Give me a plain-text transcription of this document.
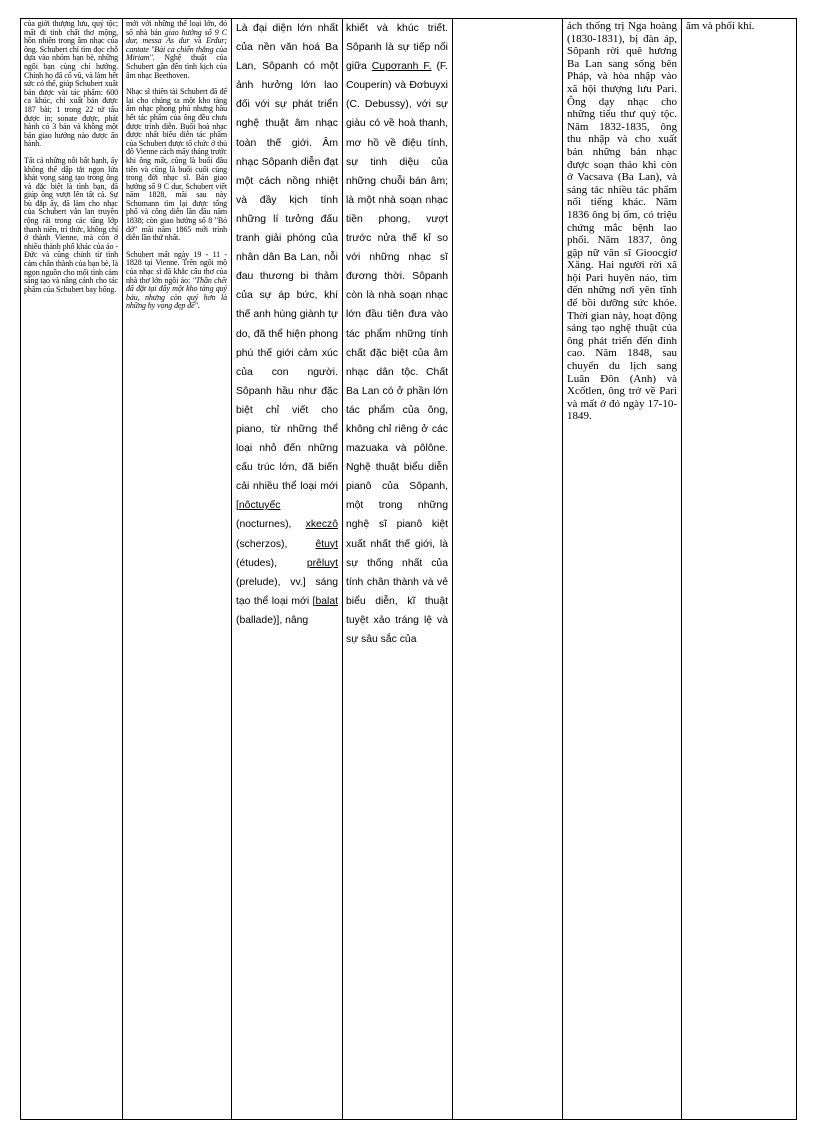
của giới thượng lưu, quý tộc; mất đi tinh chất thơ mộng, hồn nhiên trong âm nhạc của ông. Schubert chỉ tìm đọc chỗ dựa vào nhóm bạn bè, những ngôi bạn cùng chí hướng. Chính họ đã cổ vũ, và làm hết sức có thể, giúp Schubert xuất bản được vài tác phẩm: 600 ca khúc, chỉ xuất bản được 187 bài; 1 trong 22 tứ tấu được in; sonate được, phát hành có 3 bản và không một bản giao hưởng nào được ấn hành.

Tất cả những nỗi bất hạnh, ấy không thể dập tắt ngọn lửa khát vọng sáng tạo trong ông và đặc biệt là tình bạn, đã giúp ông vượt lên tất cả. Sự bù đắp ấy, đã làm cho nhạc của Schubert vẫn lan truyền rộng rãi trong các tầng lớp thanh niên, trí thức, không chỉ ở thành Vienne, mà còn ở nhiều thành phố khác của áo - Đức và cũng chính từ tình cảm chân thành của bạn bè, là ngọn nguồn cho mối tình cảm sáng tạo và nâng cánh cho tác phẩm của Schubert bay bổng.

mới với những thể loại lớn, đó số nhà bản giao hưởng số 9 C dur, messa As dur và Erdur; cantate "Bài ca chiến thắng của Miriam". Nghệ thuật của Schubert gần đến tình kịch của âm nhạc Beethoven.

Nhạc sĩ thiên tài Schubert đã để lại cho chúng ta một kho tàng âm nhạc phong phú nhưng hầu hết tác phẩm của ông đều chưa được trình diễn. Buổi hoà nhạc được nhất biểu diễn tác phẩm của Schubert được tổ chức ở thủ đô Vienne cách mấy tháng trước khi ông mất, cũng là buổi đầu tiên và cũng là buổi cuối cùng trong đời nhạc sĩ. Bản giao hưởng số 9 C dur, Schubert viết năm 1828, mãi sau này Schumann tìm lại được tổng phổ và công diễn lần đầu năm 1838; còn giao hưởng số 8 "Bỏ dở" mãi năm 1865 mới trình diễn lần thứ nhất.

Schubert mất ngày 19 - 11 - 1828 tại Vienne. Trên ngôi mộ của nhạc sĩ đã khắc câu thơ của nhà thơ lớn ngôi áo: "Thần chết đã đặt tại đây một kho tàng quý báu, nhưng còn quý hơn là những hy vọng đẹp đẽ".

Là đại diện lớn nhất của nền văn hoá Ba Lan, Sôpanh có một ảnh hưởng lớn lao đối với sự phát triển nghệ thuật âm nhạc toàn thế giới. Âm nhạc Sôpanh diễn đạt một cách nồng nhiệt và đầy kịch tính những lí tưởng đấu tranh giải phóng của nhân dân Ba Lan, nỗi đau thương bi thảm của sự áp bức, khí thế anh hùng giành tự do, đã thể hiện phong phú thế giới cảm xúc của con người. Sôpanh hầu như đặc biệt chỉ viết cho piano, từ những thể loại nhỏ đến những cấu trúc lớn, đã biến cải nhiều thể loại mới [nôctuyếc (nocturnes), xkeczô (scherzos), êtuyt (études), prêluyt (prelude), vv.] sáng tạo thể loại mới [balat (ballade)], nâng

khiết và khúc triết. Sôpanh là sự tiếp nối giữa Cupơranh F. (F. Couperin) và Đơbuyxi (C. Debussy), với sự giàu có về hoà thanh, mơ hồ về điệu tính, sự tinh diệu của những chuỗi bán âm; là một nhà soạn nhạc tiền phong, vượt trước nửa thế kỉ so với những nhạc sĩ đương thời. Sôpanh còn là nhà soạn nhạc lớn đầu tiên đưa vào tác phẩm những tính chất đặc biệt của âm nhạc dân tộc. Chất Ba Lan có ở phần lớn tác phẩm của ông, không chỉ riêng ở các mazuaka và pôlône. Nghệ thuật biểu diễn pianô của Sôpanh, một trong những nghệ sĩ pianô kiệt xuất nhất thế giới, là sự thống nhất của tính chân thành và vẻ biểu diễn, kĩ thuật tuyệt xảo tráng lệ và sự sâu sắc của

ách thống trị Nga hoàng (1830-1831), bị đàn áp, Sôpanh rời quê hương Ba Lan sang sống bên Pháp, và hòa nhập vào xã hội thượng lưu Pari. Ông dạy nhạc cho những tiểu thư quý tộc. Năm 1832-1835, ông thu nhập và cho xuất bản những bản nhạc được soạn thảo khi còn ở Vacsava (Ba Lan), và sáng tác nhiều tác phẩm nổi tiếng khác. Năm 1836 ông bị ốm, có triệu chứng mắc bệnh lao phổi. Năm 1837, ông gặp nữ văn sĩ Gioocgiơ Xăng. Hai người rời xã hội Pari huyên náo, tìm đến những nơi yên tĩnh để bồi dưỡng sức khỏe. Thời gian này, hoạt động sáng tạo nghệ thuật của ông phát triển đến đỉnh cao. Năm 1848, sau chuyến du lịch sang Luân Đôn (Anh) và Xcốtlen, ông trở về Pari và mất ở đó ngày 17-10-1849.

âm và phối khí.
